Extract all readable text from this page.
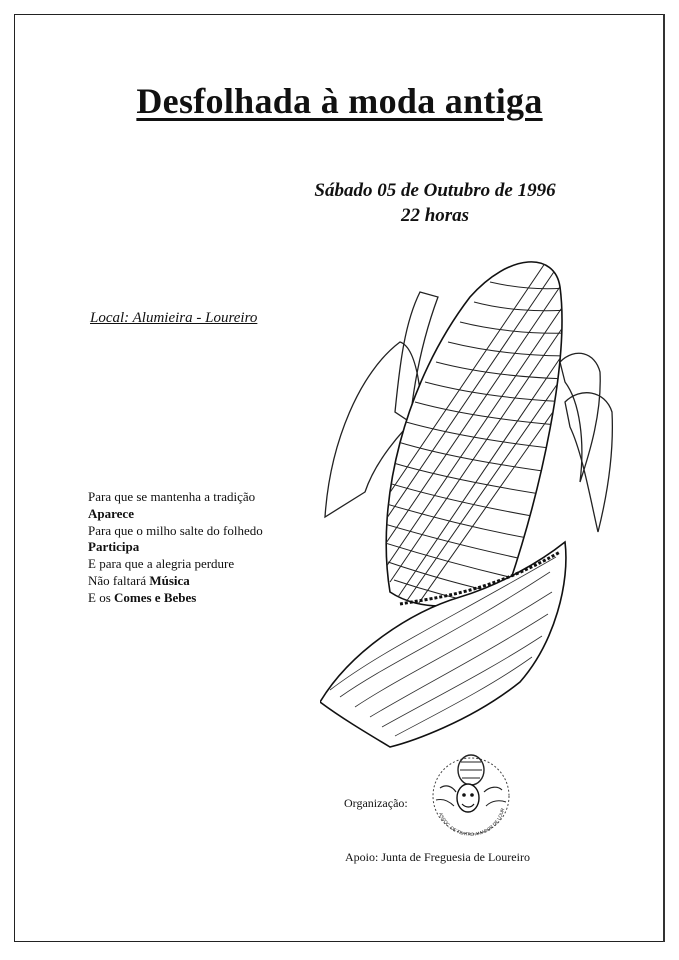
Desfolhada à moda antiga
Sábado 05 de Outubro de 1996
22 horas
Local: Alumieira - Loureiro
Para que se mantenha a tradição
Aparece
Para que o milho salte do folhedo
Participa
E para que a alegria perdure
Não faltará Música
E os Comes e Bebes
Organização:
ASSOC. DE TEATRO AMADOR DE LOUR
Apoio: Junta de Freguesia de Loureiro
